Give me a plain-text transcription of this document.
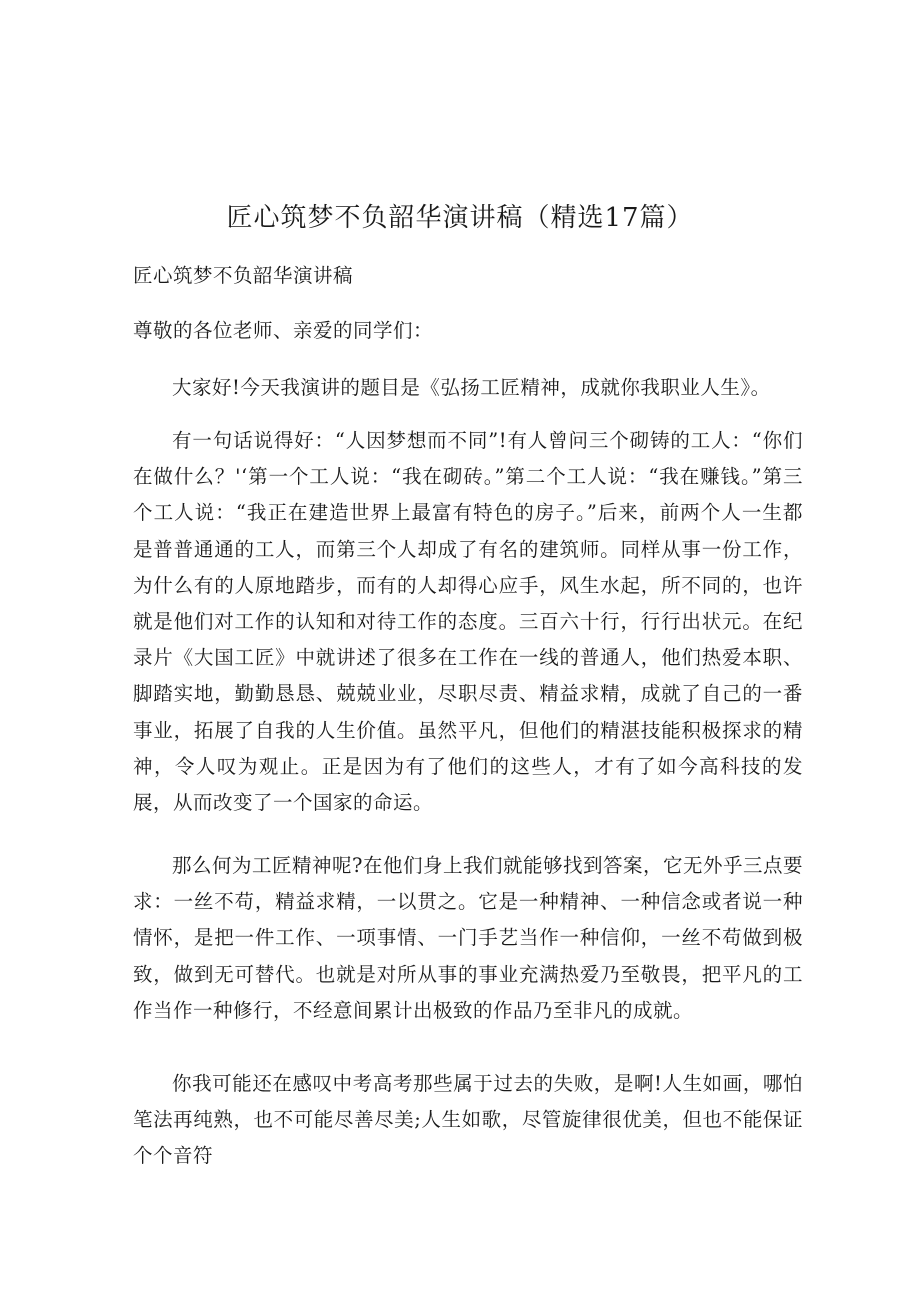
匠心筑梦不负韶华演讲稿（精选17篇）
匠心筑梦不负韶华演讲稿
尊敬的各位老师、亲爱的同学们：
大家好!今天我演讲的题目是《弘扬工匠精神，成就你我职业人生》。
有一句话说得好：“人因梦想而不同”!有人曾问三个砌铸的工人：“你们在做什么？'‘第一个工人说：“我在砌砖。”第二个工人说：“我在赚钱。”第三个工人说：“我正在建造世界上最富有特色的房子。”后来，前两个人一生都是普普通通的工人，而第三个人却成了有名的建筑师。同样从事一份工作，为什么有的人原地踏步，而有的人却得心应手，风生水起，所不同的，也许就是他们对工作的认知和对待工作的态度。三百六十行，行行出状元。在纪录片《大国工匠》中就讲述了很多在工作在一线的普通人，他们热爱本职、脚踏实地，勤勤恳恳、兢兢业业，尽职尽责、精益求精，成就了自己的一番事业，拓展了自我的人生价值。虽然平凡，但他们的精湛技能积极探求的精神，令人叹为观止。正是因为有了他们的这些人，才有了如今高科技的发展，从而改变了一个国家的命运。
那么何为工匠精神呢?在他们身上我们就能够找到答案，它无外乎三点要求：一丝不苟，精益求精，一以贯之。它是一种精神、一种信念或者说一种情怀，是把一件工作、一项事情、一门手艺当作一种信仰，一丝不苟做到极致，做到无可替代。也就是对所从事的事业充满热爱乃至敬畏，把平凡的工作当作一种修行，不经意间累计出极致的作品乃至非凡的成就。
你我可能还在感叹中考高考那些属于过去的失败，是啊!人生如画，哪怕笔法再纯熟，也不可能尽善尽美;人生如歌，尽管旋律很优美，但也不能保证个个音符
